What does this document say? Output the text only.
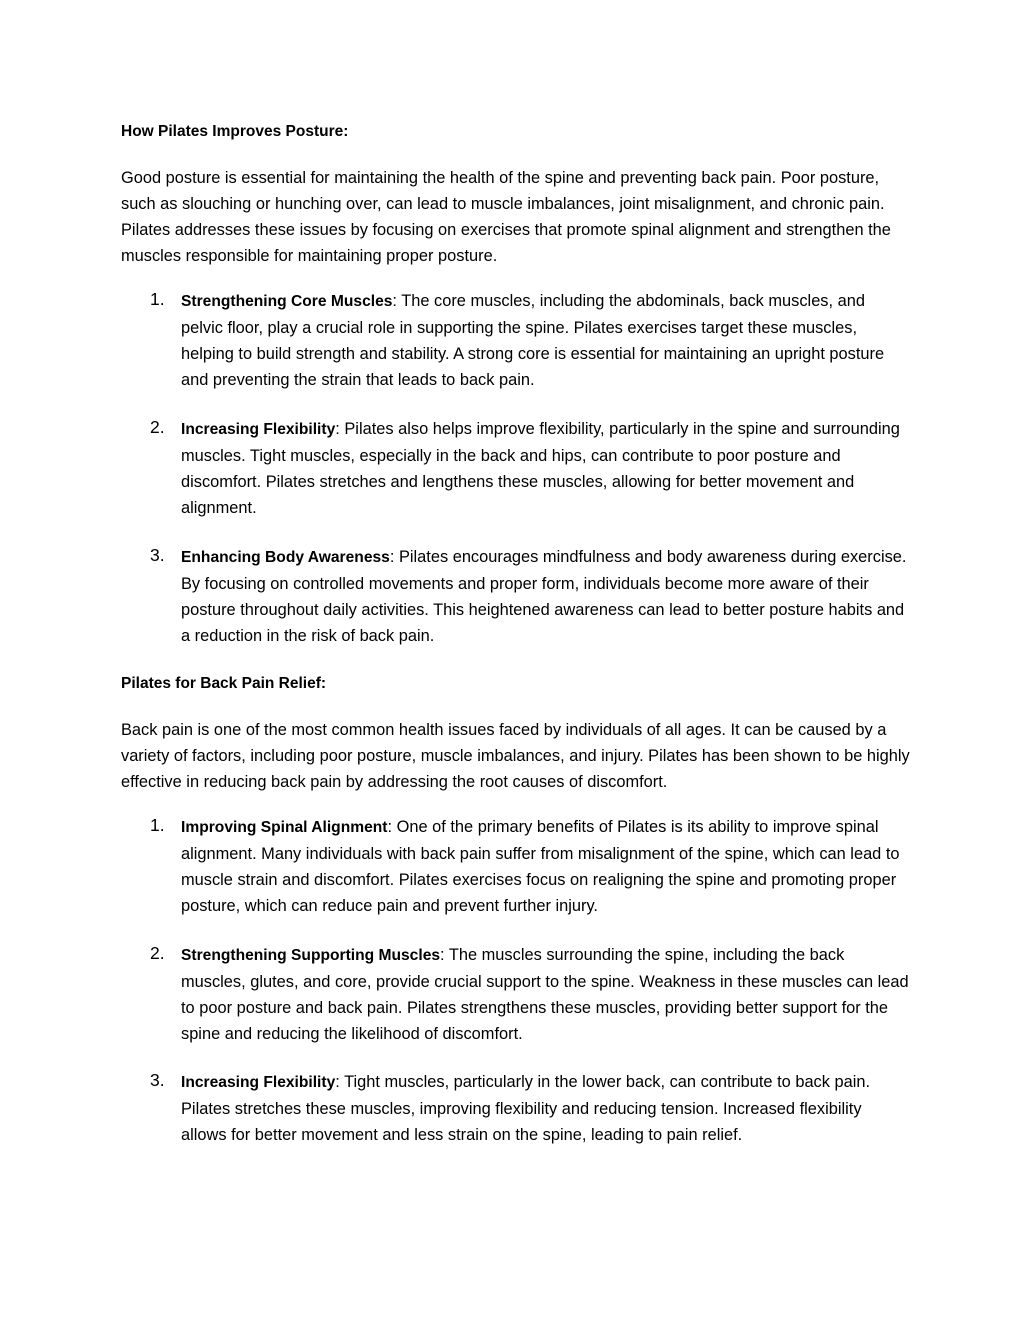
How Pilates Improves Posture:
Good posture is essential for maintaining the health of the spine and preventing back pain. Poor posture, such as slouching or hunching over, can lead to muscle imbalances, joint misalignment, and chronic pain. Pilates addresses these issues by focusing on exercises that promote spinal alignment and strengthen the muscles responsible for maintaining proper posture.
1. Strengthening Core Muscles: The core muscles, including the abdominals, back muscles, and pelvic floor, play a crucial role in supporting the spine. Pilates exercises target these muscles, helping to build strength and stability. A strong core is essential for maintaining an upright posture and preventing the strain that leads to back pain.
2. Increasing Flexibility: Pilates also helps improve flexibility, particularly in the spine and surrounding muscles. Tight muscles, especially in the back and hips, can contribute to poor posture and discomfort. Pilates stretches and lengthens these muscles, allowing for better movement and alignment.
3. Enhancing Body Awareness: Pilates encourages mindfulness and body awareness during exercise. By focusing on controlled movements and proper form, individuals become more aware of their posture throughout daily activities. This heightened awareness can lead to better posture habits and a reduction in the risk of back pain.
Pilates for Back Pain Relief:
Back pain is one of the most common health issues faced by individuals of all ages. It can be caused by a variety of factors, including poor posture, muscle imbalances, and injury. Pilates has been shown to be highly effective in reducing back pain by addressing the root causes of discomfort.
1. Improving Spinal Alignment: One of the primary benefits of Pilates is its ability to improve spinal alignment. Many individuals with back pain suffer from misalignment of the spine, which can lead to muscle strain and discomfort. Pilates exercises focus on realigning the spine and promoting proper posture, which can reduce pain and prevent further injury.
2. Strengthening Supporting Muscles: The muscles surrounding the spine, including the back muscles, glutes, and core, provide crucial support to the spine. Weakness in these muscles can lead to poor posture and back pain. Pilates strengthens these muscles, providing better support for the spine and reducing the likelihood of discomfort.
3. Increasing Flexibility: Tight muscles, particularly in the lower back, can contribute to back pain. Pilates stretches these muscles, improving flexibility and reducing tension. Increased flexibility allows for better movement and less strain on the spine, leading to pain relief.
